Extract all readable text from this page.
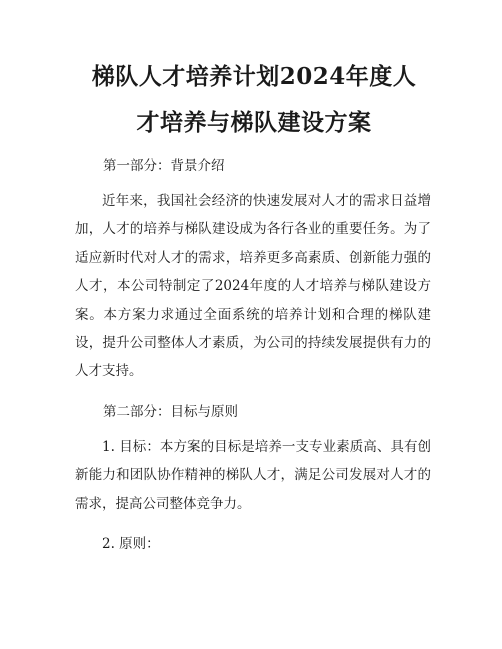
梯队人才培养计划2024年度人
才培养与梯队建设方案
第一部分：背景介绍
近年来，我国社会经济的快速发展对人才的需求日益增加，人才的培养与梯队建设成为各行各业的重要任务。为了适应新时代对人才的需求，培养更多高素质、创新能力强的人才，本公司特制定了2024年度的人才培养与梯队建设方案。本方案力求通过全面系统的培养计划和合理的梯队建设，提升公司整体人才素质，为公司的持续发展提供有力的人才支持。
第二部分：目标与原则
1. 目标：本方案的目标是培养一支专业素质高、具有创新能力和团队协作精神的梯队人才，满足公司发展对人才的需求，提高公司整体竞争力。
2. 原则：
